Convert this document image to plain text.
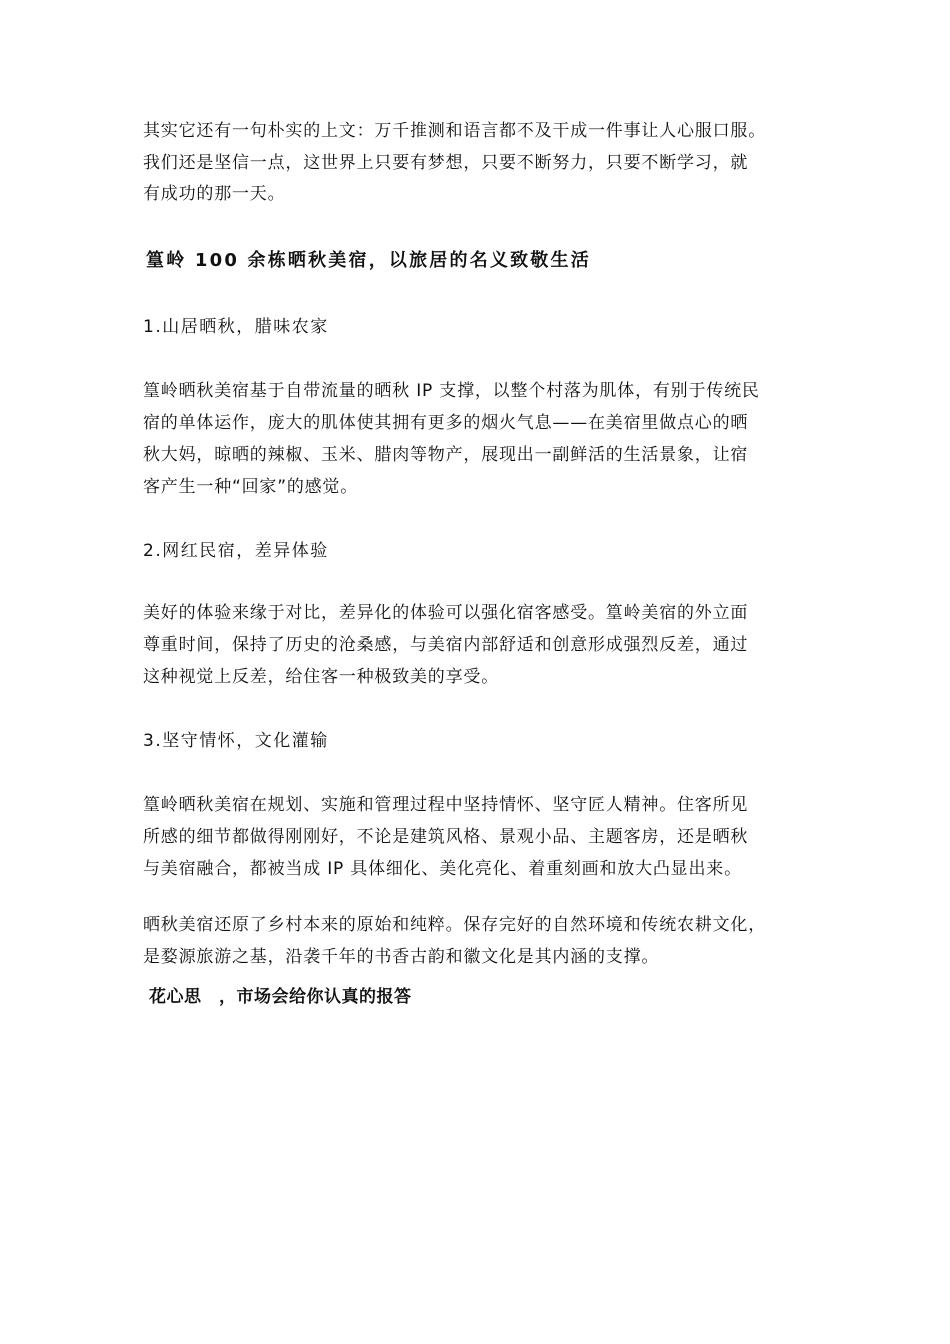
其实它还有一句朴实的上文：万千推测和语言都不及干成一件事让人心服口服。
我们还是坚信一点，这世界上只要有梦想，只要不断努力，只要不断学习，就
有成功的那一天。
篁岭 100 余栋晒秋美宿，以旅居的名义致敬生活
1.山居晒秋，腊味农家
篁岭晒秋美宿基于自带流量的晒秋 IP 支撑，以整个村落为肌体，有别于传统民
宿的单体运作，庞大的肌体使其拥有更多的烟火气息——在美宿里做点心的晒
秋大妈，晾晒的辣椒、玉米、腊肉等物产，展现出一副鲜活的生活景象，让宿
客产生一种“回家”的感觉。
2.网红民宿，差异体验
美好的体验来缘于对比，差异化的体验可以强化宿客感受。篁岭美宿的外立面
尊重时间，保持了历史的沧桑感，与美宿内部舒适和创意形成强烈反差，通过
这种视觉上反差，给住客一种极致美的享受。
3.坚守情怀，文化灌输
篁岭晒秋美宿在规划、实施和管理过程中坚持情怀、坚守匠人精神。住客所见
所感的细节都做得刚刚好，不论是建筑风格、景观小品、主题客房，还是晒秋
与美宿融合，都被当成 IP 具体细化、美化亮化、着重刻画和放大凸显出来。
晒秋美宿还原了乡村本来的原始和纯粹。保存完好的自然环境和传统农耕文化，
是婺源旅游之基，沿袭千年的书香古韵和徽文化是其内涵的支撑。
花心思　，市场会给你认真的报答
